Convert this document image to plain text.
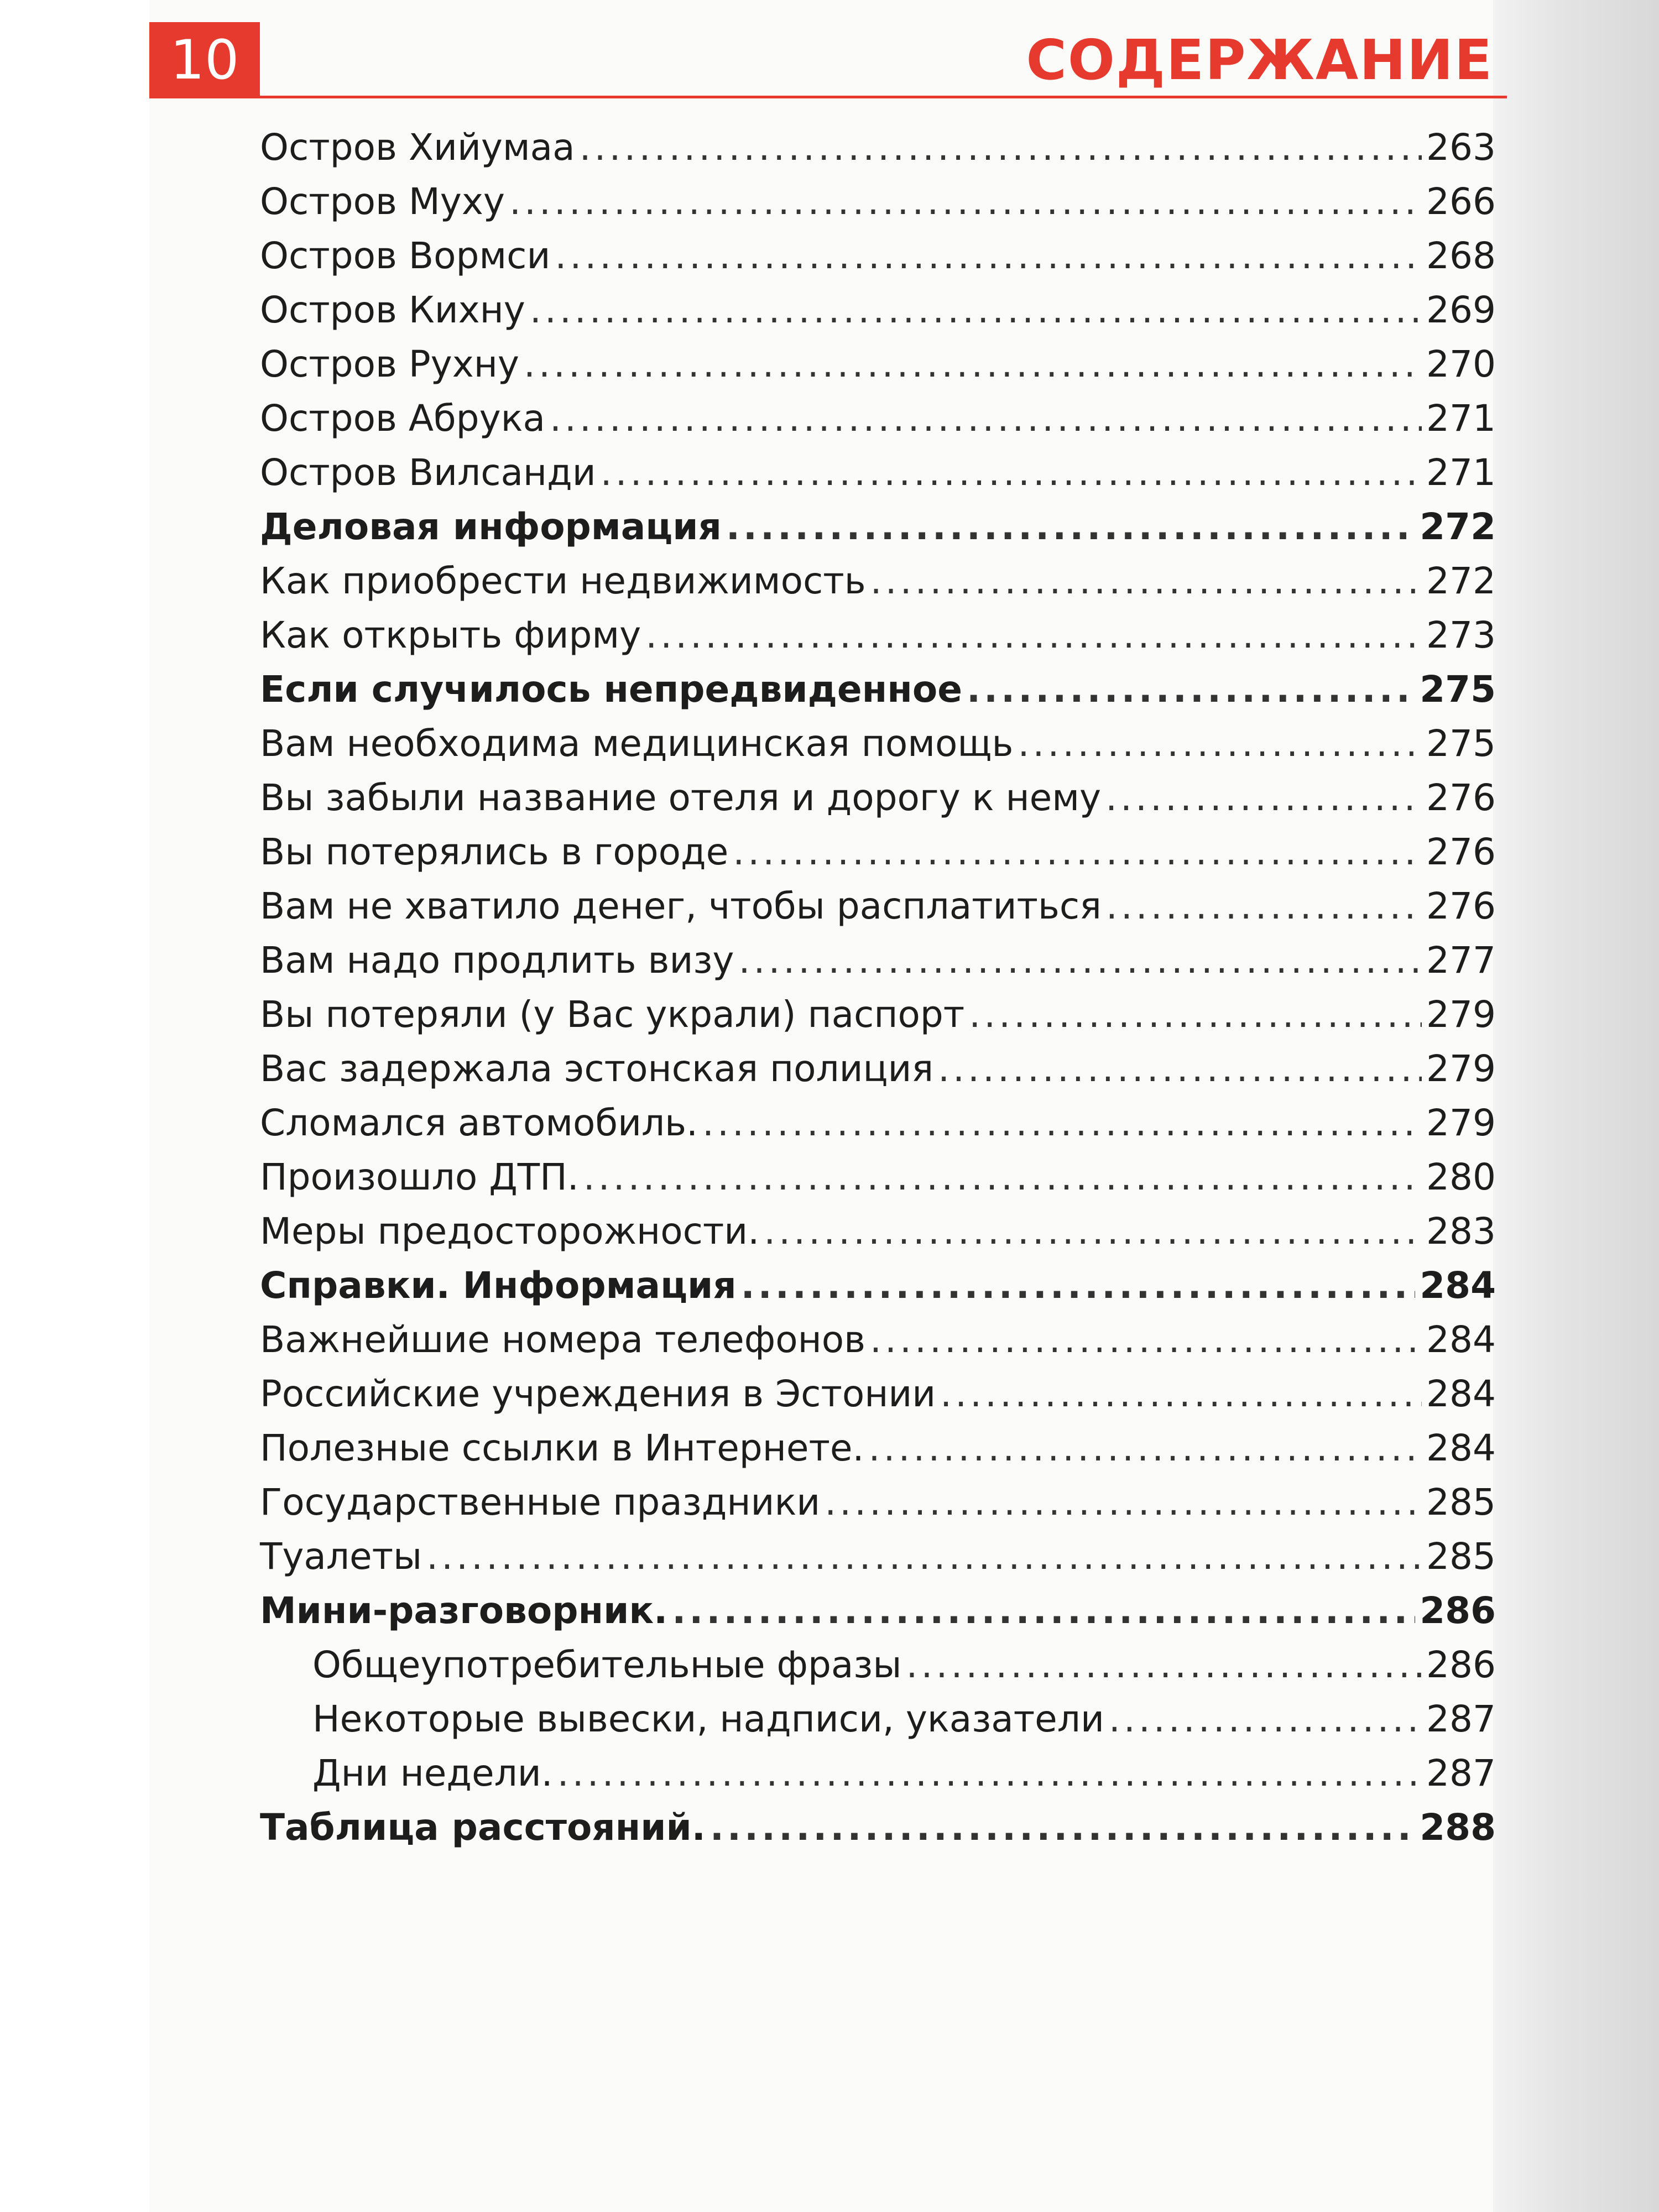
10	СОДЕРЖАНИЕ
Остров Хийумаа .....	263
Остров Муху .....	266
Остров Вормси .....	268
Остров Кихну .....	269
Остров Рухну .....	270
Остров Абрука .....	271
Остров Вилсанди .....	271
Деловая информация .....	272
Как приобрести недвижимость .....	272
Как открыть фирму .....	273
Если случилось непредвиденное .....	275
Вам необходима медицинская помощь .....	275
Вы забыли название отеля и дорогу к нему .....	276
Вы потерялись в городе .....	276
Вам не хватило денег, чтобы расплатиться .....	276
Вам надо продлить визу .....	277
Вы потеряли (у Вас украли) паспорт .....	279
Вас задержала эстонская полиция .....	279
Сломался автомобиль. .....	279
Произошло ДТП. .....	280
Меры предосторожности. .....	283
Справки. Информация .....	284
Важнейшие номера телефонов .....	284
Российские учреждения в Эстонии .....	284
Полезные ссылки в Интернете. .....	284
Государственные праздники .....	285
Туалеты .....	285
Мини-разговорник. .....	286
Общеупотребительные фразы .....	286
Некоторые вывески, надписи, указатели .....	287
Дни недели. .....	287
Таблица расстояний. .....	288
